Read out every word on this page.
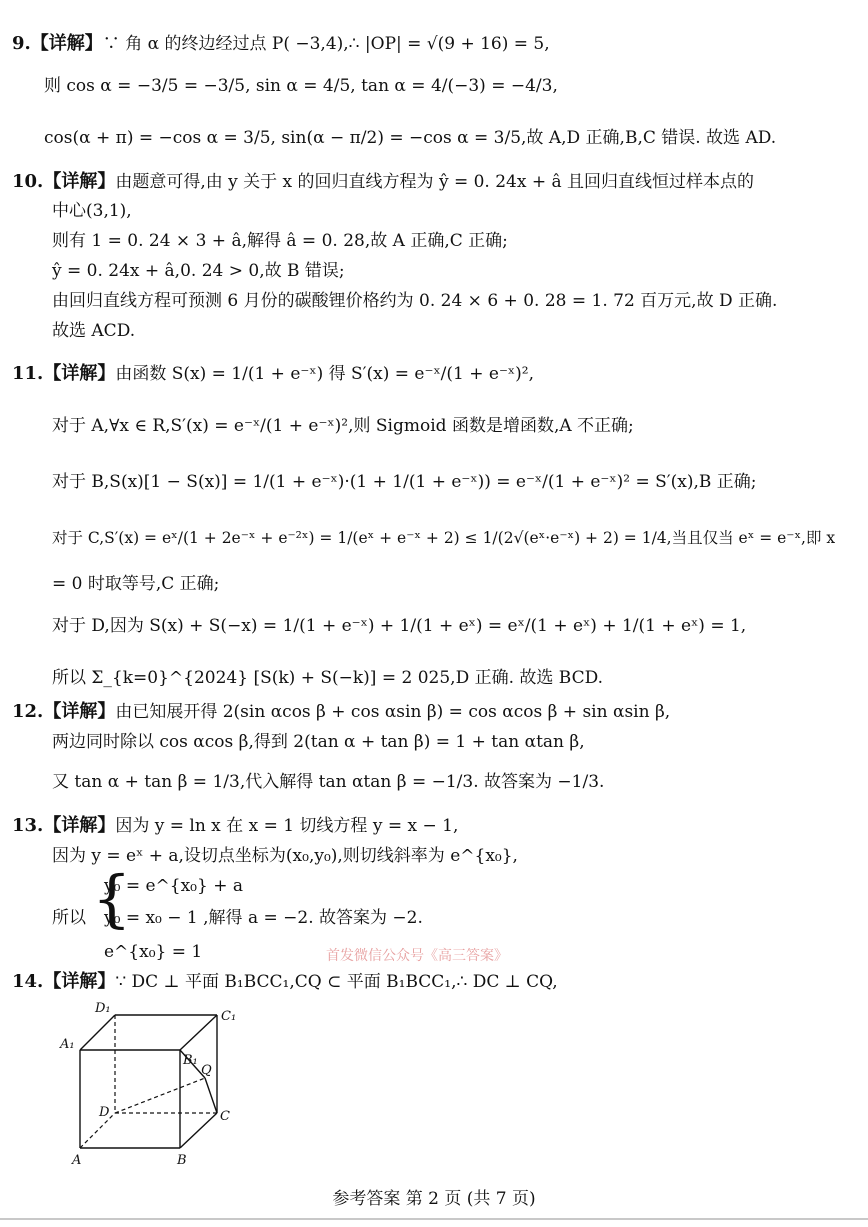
9.【详解】∵ 角 α 的终边经过点 P( −3,4),∴ |OP| = √(9 + 16) = 5,
则 cos α = −3/5 = −3/5, sin α = 4/5, tan α = 4/(−3) = −4/3,
cos(α + π) = −cos α = 3/5, sin(α − π/2) = −cos α = 3/5,故 A,D 正确,B,C 错误. 故选 AD.
10.【详解】由题意可得,由 y 关于 x 的回归直线方程为 ŷ = 0. 24x + â 且回归直线恒过样本点的
中心(3,1),
则有 1 = 0. 24 × 3 + â,解得 â = 0. 28,故 A 正确,C 正确;
ŷ = 0. 24x + â,0. 24 > 0,故 B 错误;
由回归直线方程可预测 6 月份的碳酸锂价格约为 0. 24 × 6 + 0. 28 = 1. 72 百万元,故 D 正确.
故选 ACD.
11.【详解】由函数 S(x) = 1/(1 + e⁻ˣ) 得 S′(x) = e⁻ˣ/(1 + e⁻ˣ)²,
对于 A,∀x ∈ R,S′(x) = e⁻ˣ/(1 + e⁻ˣ)²,则 Sigmoid 函数是增函数,A 不正确;
对于 B,S(x)[1 − S(x)] = 1/(1 + e⁻ˣ)·(1 + 1/(1 + e⁻ˣ)) = e⁻ˣ/(1 + e⁻ˣ)² = S′(x),B 正确;
对于 C,S′(x) = eˣ/(1 + 2e⁻ˣ + e⁻²ˣ) = 1/(eˣ + e⁻ˣ + 2) ≤ 1/(2√(eˣ·e⁻ˣ) + 2) = 1/4,当且仅当 eˣ = e⁻ˣ,即 x
= 0 时取等号,C 正确;
对于 D,因为 S(x) + S(−x) = 1/(1 + e⁻ˣ) + 1/(1 + eˣ) = eˣ/(1 + eˣ) + 1/(1 + eˣ) = 1,
所以 Σ_{k=0}^{2024} [S(k) + S(−k)] = 2 025,D 正确. 故选 BCD.
12.【详解】由已知展开得 2(sin αcos β + cos αsin β) = cos αcos β + sin αsin β,
两边同时除以 cos αcos β,得到 2(tan α + tan β) = 1 + tan αtan β,
又 tan α + tan β = 1/3,代入解得 tan αtan β = −1/3. 故答案为 −1/3.
13.【详解】因为 y = ln x 在 x = 1 切线方程 y = x − 1,
因为 y = eˣ + a,设切点坐标为(x₀,y₀),则切线斜率为 e^{x₀},
所以 {
y₀ = e^{x₀} + a
y₀ = x₀ − 1 ,解得 a = −2. 故答案为 −2.
e^{x₀} = 1	首发微信公众号《高三答案》
14.【详解】∵ DC ⊥ 平面 B₁BCC₁,CQ ⊂ 平面 B₁BCC₁,∴ DC ⊥ CQ,
D₁
C₁
A₁
B₁
Q
D	C
A	B
参考答案 第 2 页 (共 7 页)
